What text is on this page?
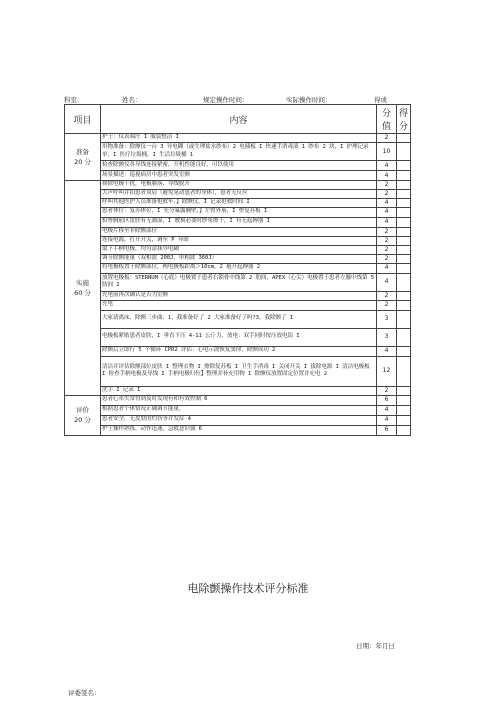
科室：	姓名：	规定操作时间：	实际操作时间：	得或
项目	内容	分值	得分
准备
20 分	护士：仪表端庄 I 服装整洁 I	2	
	用物准备：除颤仪一台 3 导电糊（或生理盐水纱布）2 电插板 I 快速手消毒液 1 纱布 2 块，I 护理记录单，I 医疗垃圾桶，I 生活垃圾桶 1	10	
	检查除颤仪各导线连接紧密，开机性能良好，可以使用	4	
	场景描述：巡视病房中患者突发室颤	4	
实施
60 分	排除电极干扰，电极膜落、导线脱开	2	
	大声呼叫并拍患者双肩（避免晃动患者的身体），患者无反应	2	
	呼叫其他医护人员准备抢救车、】除颤仪，I 记录抢救时间 I	4	
	患者体位：复苏体位，I 充分暴露胸壁，】左臂外展，I 垫复苏板 I	4	
	检查胸前区皮肤有无潮湿，I 敷损必要时纱布擦干，I 有无起搏器 I	4	
	电极片移至非除颤部位	2	
	连接电源，打开开关，调至 P 导联	2	
	取下手柄电极，均匀涂抹导电糊	2	
	调节除颤能量（双相波 200J，单相波 360J）	2	
	将电极板置于除颤部位，两电极板距离＞10cm，2 避开起搏器 2	4	
	放置电极板：STERNUM（心底）电极置于患者右锁骨中线第 2 肋间，APEX（心尖）电极置于患者左腋中线第 5 肋间 2	4	
	充电前再次确认是否为室颤	2	
	充电	2	
	大家请离床，除颤三步曲：1，我准备好了 2 大家准备好了吗?3，我除颤了 I	3	
	电极板紧贴患者皮肤，I 垂直下压 4-11 公斤力，放电：双手同时按压放电钮 I	3	
	除颤后立即行 5 个循环 CPR2 评估：心电示波恢复窦律，除颤成功 2	4	
	清洁并评估除颤部位皮肤 I 整理衣物 I 擦除复苏板 I 卫生手消毒 I 关闭开关 I 拔除电源 I 清洁电极板 I 检查手柄电极及导线 I 手柄电极归位】整理并补充用物 I 除颤仪放置固定位置并充电 2	12	
	洗手 I 记录 I	2	
评价
20 分	患者心率失常得到及时发现有和有效控制 6	6	
	根据患者个体情况正确调节能量。	4	
	患者安全，无皮肤的灼伤等并发症 4	4	
	护士操作熟练，动作迅速，急救意识强 6	6	
电除颤操作技术评分标准
日期：年月曰
评委签名：
